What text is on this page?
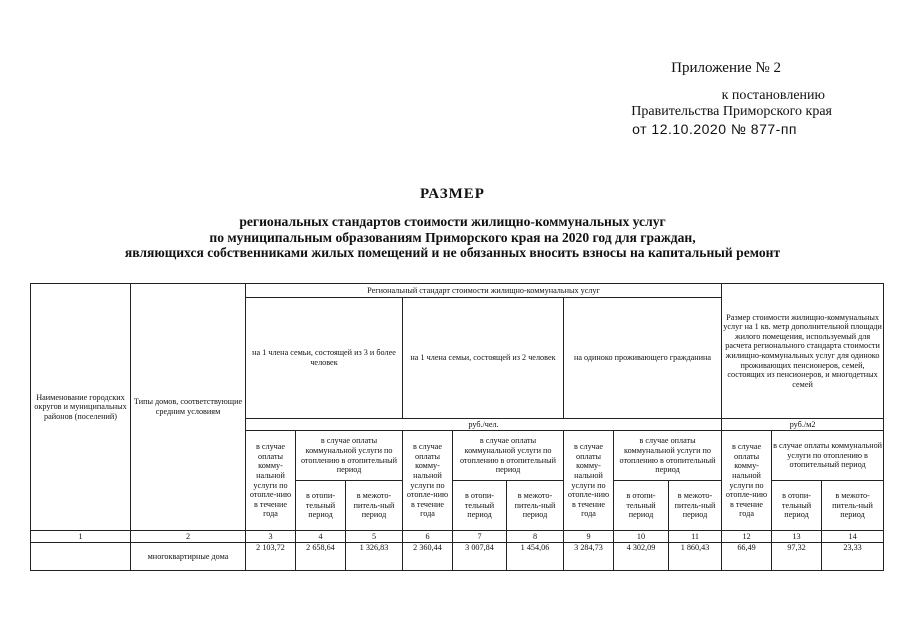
Приложение № 2
к постановлению
Правительства Приморского края
от 12.10.2020 № 877-пп
РАЗМЕР
региональных стандартов стоимости жилищно-коммунальных услуг
по муниципальным образованиям Приморского края на 2020 год для граждан,
являющихся собственниками жилых помещений и не обязанных вносить взносы на капитальный ремонт
Наименование городских округов и муниципальных районов (поселений)	Типы домов, соответствующие средним условиям	Региональный стандарт стоимости жилищно-коммунальных услуг									Размер стоимости жилищно-коммунальных услуг на 1 кв. метр дополнительной площади жилого помещения, используемый для расчета регионального стандарта стоимости жилищно-коммунальных услуг для одиноко проживающих пенсионеров, семей, состоящих из пенсионеров, и многодетных семей		
		на 1 члена семьи, состоящей из 3 и более человек			на 1 члена семьи, состоящей из 2 человек			на одиноко проживающего гражданина					
		руб./чел.									руб./м2		
		в случае оплаты комму-нальной услуги по отопле-нию в течение года	в случае оплаты коммунальной услуги по отоплению в отопительный период		в случае оплаты комму-нальной услуги по отопле-нию в течение года	в случае оплаты коммунальной услуги по отоплению в отопительный период		в случае оплаты комму-нальной услуги по отопле-нию в течение года	в случае оплаты коммунальной услуги по отоплению в отопительный период		в случае оплаты комму-нальной услуги по отопле-нию в течение года	в случае оплаты коммунальной услуги по отоплению в отопительный период	
			в отопи-тельный период	в межото-питель-ный период		в отопи-тельный период	в межото-питель-ный период		в отопи-тельный период	в межото-питель-ный период		в отопи-тельный период	в межото-питель-ный период
1	2	3	4	5	6	7	8	9	10	11	12	13	14
	многоквартирные дома	2 103,72	2 658,64	1 326,83	2 360,44	3 007,84	1 454,06	3 284,73	4 302,09	1 860,43	66,49	97,32	23,33
